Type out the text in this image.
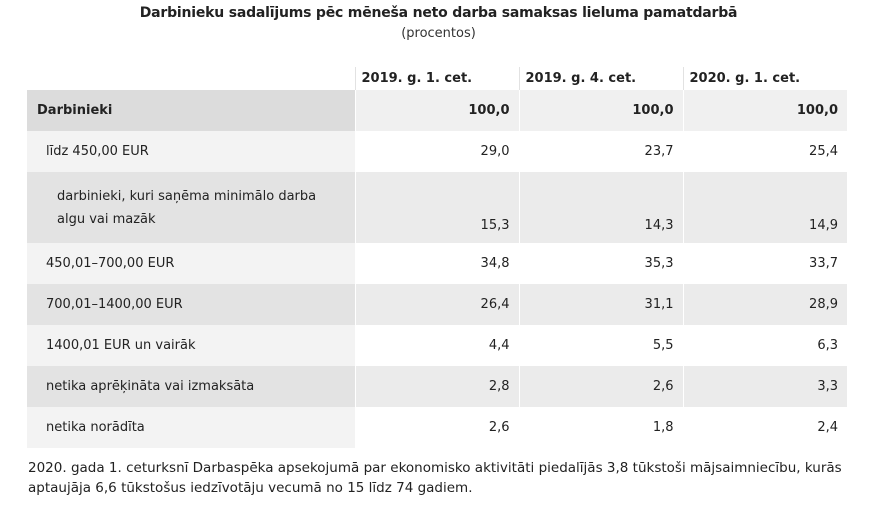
Darbinieku sadalījums pēc mēneša neto darba samaksas lieluma pamatdarbā
(procentos)
	2019. g. 1. cet.	2019. g. 4. cet.	2020. g. 1. cet.
Darbinieki	100,0	100,0	100,0
līdz 450,00 EUR	29,0	23,7	25,4
darbinieki, kuri saņēma minimālo darba algu vai mazāk	15,3	14,3	14,9
450,01–700,00 EUR	34,8	35,3	33,7
700,01–1400,00 EUR	26,4	31,1	28,9
1400,01 EUR un vairāk	4,4	5,5	6,3
netika aprēķināta vai izmaksāta	2,8	2,6	3,3
netika norādīta	2,6	1,8	2,4
2020. gada 1. ceturksnī Darbaspēka apsekojumā par ekonomisko aktivitāti piedalījās 3,8 tūkstoši mājsaimniecību, kurās aptaujāja 6,6 tūkstošus iedzīvotāju vecumā no 15 līdz 74 gadiem.
